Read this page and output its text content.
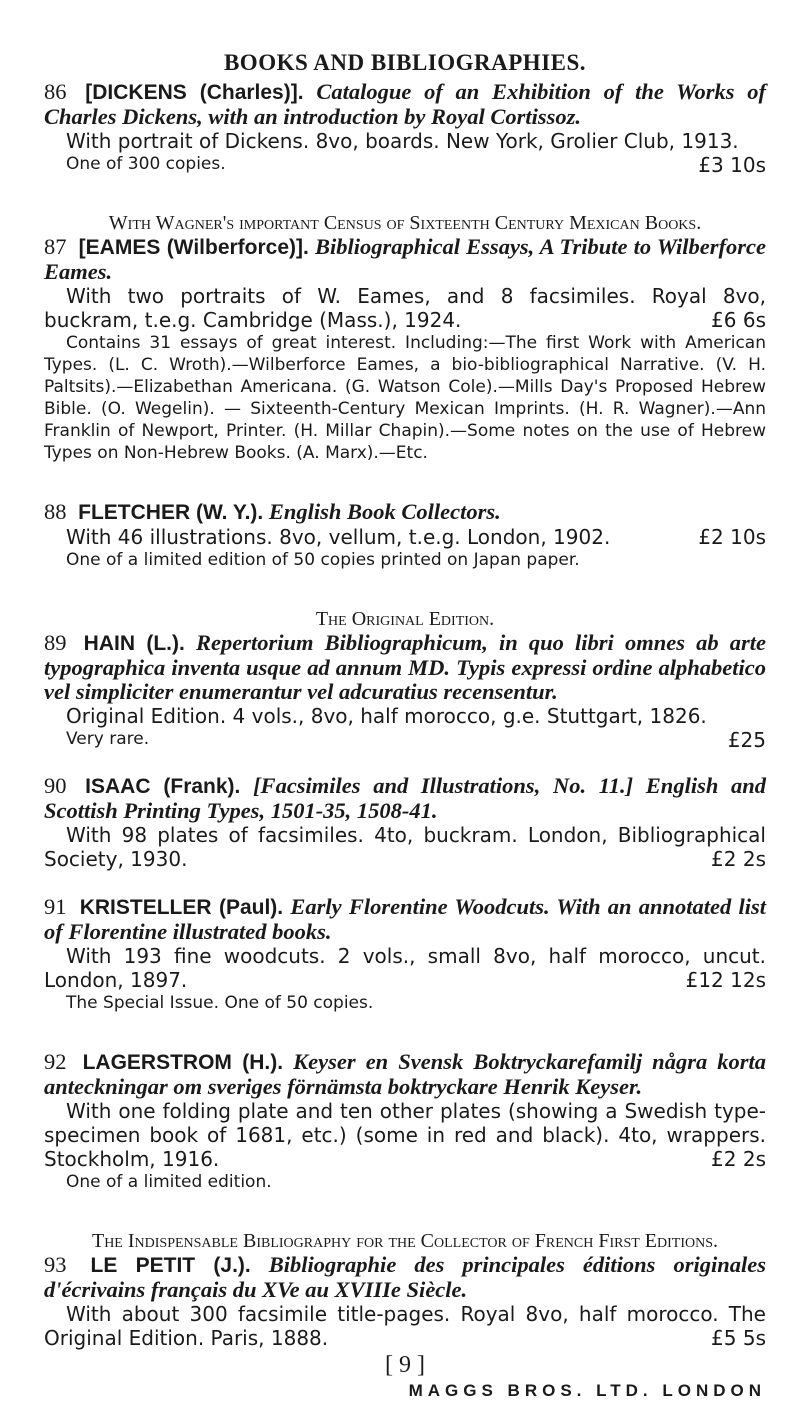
BOOKS AND BIBLIOGRAPHIES.

86 [DICKENS (Charles)]. Catalogue of an Exhibition of the Works of Charles Dickens, with an introduction by Royal Cortissoz.

With portrait of Dickens. 8vo, boards. New York, Grolier Club, 1913.
£3 10s

One of 300 copies.

With Wagner's important Census of Sixteenth Century Mexican Books.

87 [EAMES (Wilberforce)]. Bibliographical Essays, A Tribute to Wilberforce Eames.

With two portraits of W. Eames, and 8 facsimiles. Royal 8vo, buckram, t.e.g. Cambridge (Mass.), 1924.	£6 6s

Contains 31 essays of great interest. Including:—The first Work with American Types. (L. C. Wroth).—Wilberforce Eames, a bio-bibliographical Narrative. (V. H. Paltsits).—Elizabethan Americana. (G. Watson Cole).—Mills Day's Proposed Hebrew Bible. (O. Wegelin). — Sixteenth-Century Mexican Imprints. (H. R. Wagner).—Ann Franklin of Newport, Printer. (H. Millar Chapin).—Some notes on the use of Hebrew Types on Non-Hebrew Books. (A. Marx).—Etc.

88 FLETCHER (W. Y.). English Book Collectors.

With 46 illustrations. 8vo, vellum, t.e.g. London, 1902.	£2 10s

One of a limited edition of 50 copies printed on Japan paper.

The Original Edition.

89 HAIN (L.). Repertorium Bibliographicum, in quo libri omnes ab arte typographica inventa usque ad annum MD. Typis expressi ordine alphabetico vel simpliciter enumerantur vel adcuratius recensentur.

Original Edition. 4 vols., 8vo, half morocco, g.e. Stuttgart, 1826.
£25

Very rare.

90 ISAAC (Frank). [Facsimiles and Illustrations, No. 11.] English and Scottish Printing Types, 1501-35, 1508-41.

With 98 plates of facsimiles. 4to, buckram. London, Bibliographical Society, 1930.	£2 2s

91 KRISTELLER (Paul). Early Florentine Woodcuts. With an annotated list of Florentine illustrated books.

With 193 fine woodcuts. 2 vols., small 8vo, half morocco, uncut. London, 1897.	£12 12s

The Special Issue. One of 50 copies.

92 LAGERSTROM (H.). Keyser en Svensk Boktryckarefamilj några korta anteckningar om sveriges förnämsta boktryckare Henrik Keyser.

With one folding plate and ten other plates (showing a Swedish type-specimen book of 1681, etc.) (some in red and black). 4to, wrappers. Stockholm, 1916.	£2 2s

One of a limited edition.

The Indispensable Bibliography for the Collector of French First Editions.

93 LE PETIT (J.). Bibliographie des principales éditions originales d'écrivains français du XVe au XVIIIe Siècle.

With about 300 facsimile title-pages. Royal 8vo, half morocco. The Original Edition. Paris, 1888.	£5 5s

[ 9 ]
MAGGS BROS. LTD. LONDON
